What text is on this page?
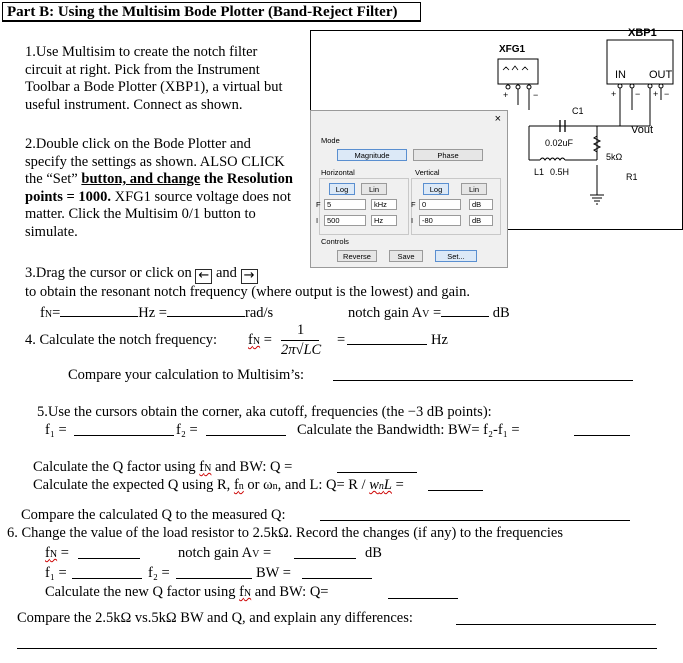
Part B: Using the Multisim Bode Plotter (Band-Reject Filter)
1.Use Multisim to create the notch filter circuit at right. Pick from the Instrument Toolbar a Bode Plotter (XBP1), a virtual but useful instrument. Connect as shown.
2.Double click on the Bode Plotter and specify the settings as shown. ALSO CLICK the “Set” button, and change the Resolution points = 1000. XFG1 source voltage does not matter. Click the Multisim 0/1 button to simulate.
XBP1
XFG1
IN OUT
+	−	+ − + −
C1
0.02uF
Vout
L1 0.5H
5kΩ
R1
×
Mode
Magnitude	Phase
Horizontal	Vertical
Log	Lin	Log	Lin
F 5	kHz
I	500	Hz
F 0	dB
I	-80	dB
Controls
Reverse	Save	Set...
3.Drag the cursor or click on ← and →
to obtain the resonant notch frequency (where output is the lowest) and gain.
fN=	Hz =	rad/s	notch gain AV =	dB
4. Calculate the notch frequency: fN =
1
2π√LC
=	Hz
Compare your calculation to Multisim’s:
5.Use the cursors obtain the corner, aka cutoff, frequencies (the −3 dB points):
f₁ =	f₂ =	Calculate the Bandwidth: BW= f₂-f₁ =
Calculate the Q factor using fN and BW: Q =
Calculate the expected Q using R, fn or ωn, and L: Q= R / wnL =
Compare the calculated Q to the measured Q:
6. Change the value of the load resistor to 2.5kΩ. Record the changes (if any) to the frequencies
fN =	notch gain AV =	dB
f₁ =	f₂ =	BW =
Calculate the new Q factor using fN and BW: Q=
Compare the 2.5kΩ vs.5kΩ BW and Q, and explain any differences:
